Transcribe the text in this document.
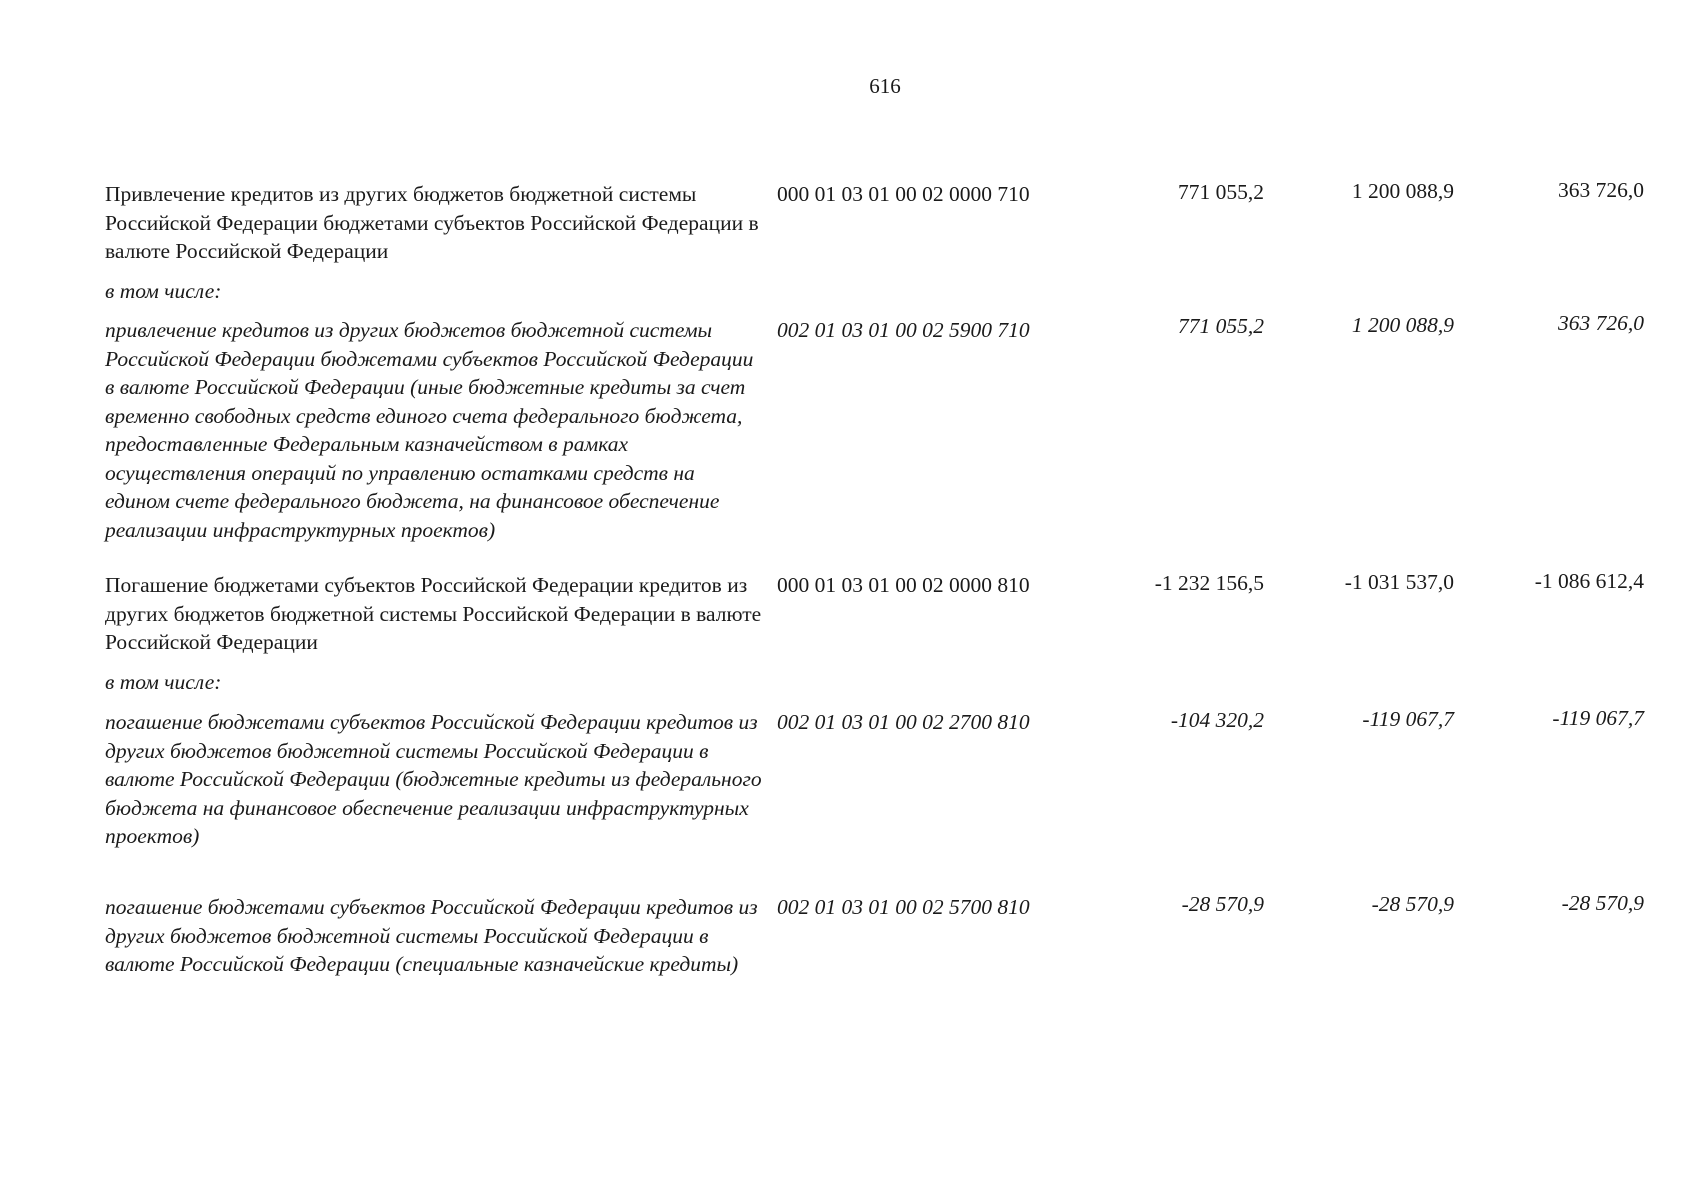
616
Привлечение кредитов из других бюджетов бюджетной системы Российской Федерации бюджетами субъектов Российской Федерации в валюте Российской Федерации
000 01 03 01 00 02 0000 710	771 055,2	1 200 088,9	363 726,0
в том числе:
привлечение кредитов из других бюджетов бюджетной системы Российской Федерации бюджетами субъектов Российской Федерации в валюте Российской Федерации (иные бюджетные кредиты за счет временно свободных средств единого счета федерального бюджета, предоставленные Федеральным казначейством в рамках осуществления операций по управлению остатками средств на едином счете федерального бюджета, на финансовое обеспечение реализации инфраструктурных проектов)
002 01 03 01 00 02 5900 710	771 055,2	1 200 088,9	363 726,0
Погашение бюджетами субъектов Российской Федерации кредитов из других бюджетов бюджетной системы Российской Федерации в валюте Российской Федерации
000 01 03 01 00 02 0000 810	-1 232 156,5	-1 031 537,0	-1 086 612,4
в том числе:
погашение бюджетами субъектов Российской Федерации кредитов из других бюджетов бюджетной системы Российской Федерации в валюте Российской Федерации (бюджетные кредиты из федерального бюджета на финансовое обеспечение реализации инфраструктурных проектов)
002 01 03 01 00 02 2700 810	-104 320,2	-119 067,7	-119 067,7
погашение бюджетами субъектов Российской Федерации кредитов из других бюджетов бюджетной системы Российской Федерации в валюте Российской Федерации (специальные казначейские кредиты)
002 01 03 01 00 02 5700 810	-28 570,9	-28 570,9	-28 570,9
